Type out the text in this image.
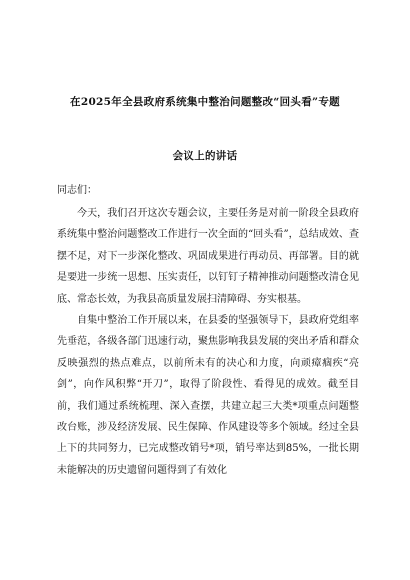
在2025年全县政府系统集中整治问题整改“回头看”专题
会议上的讲话
同志们：

今天，我们召开这次专题会议，主要任务是对前一阶段全县政府系统集中整治问题整改工作进行一次全面的“回头看”，总结成效、查摆不足，对下一步深化整改、巩固成果进行再动员、再部署。目的就是要进一步统一思想、压实责任，以钉钉子精神推动问题整改清仓见底、常态长效，为我县高质量发展扫清障碍、夯实根基。

自集中整治工作开展以来，在县委的坚强领导下，县政府党组率先垂范，各级各部门迅速行动，聚焦影响我县发展的突出矛盾和群众反映强烈的热点难点，以前所未有的决心和力度，向顽瘴痼疾“亮剑”，向作风积弊“开刀”，取得了阶段性、看得见的成效。截至目前，我们通过系统梳理、深入查摆，共建立起三大类*项重点问题整改台账，涉及经济发展、民生保障、作风建设等多个领域。经过全县上下的共同努力，已完成整改销号*项，销号率达到85%，一批长期未能解决的历史遗留问题得到了有效化
